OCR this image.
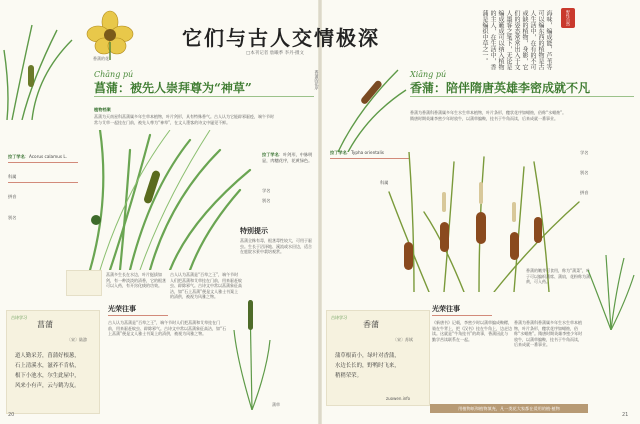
香蒲的花
它们与古人交情极深
□本刊记者 詹曦季 李丹·摄文	海味，编成能，芦苇等可以编东西的植物是古人生活中，在有的不可或缺的植物，身影，它们的姿态常常出入于文人墨客之笔下，无论是编成籁成可以纳入植物的主人，在生活中，香蒲是编织中草之一。	野性自然
Chāng pú
菖蒲：被先人崇拜尊为“神草”
植物档案
菖蒲为天南星科菖蒲属多年生草本植物，叶片剑形，具有特殊香气。古人认为它能辟邪驱疫，端午节时常与艾草一起挂在门前，被先人尊为“神草”，在文人墨客的诗文中屡见不鲜。
拉丁学名：Acorus calamus L.
科属
拼音
别名
拉丁学名：叶剑形，中脉明显，肉穗花序，花黄绿色。
学名
别名
特别提示
菖蒲全株有毒，根茎毒性较大，可用于驱虫。生长于沼泽地、溪流或水田边，适合在庭院水景中栽培观赏。
菖蒲多生长在水边，叶片挺拔如剑，有一种淡淡的清香，它的根茎可以入药，有开窍化痰的功效。
古人认为菖蒲是“百草之王”，端午节时人们把菖蒲和艾草挂在门前，用来驱赶蚊虫、辟除邪气。古诗文中常以菖蒲象征高洁，如“石上菖蒲”便是文人雅士书案上的清供，被视为风雅之物。
光荣往事
古人认为菖蒲是“百草之王”，端午节时人们把菖蒲和艾草挂在门前，用来驱赶蚊虫、辟除邪气。古诗文中常以菖蒲象征高洁，如“石上菖蒲”便是文人雅士书案上的清供，被视为风雅之物。
古诗学习
菖蒲
〔宋〕陆游
道人勤采芳，菖蒲好根葱，
石上清溪水，滋养不肯枯，
根下小池水，尔生此屋中，
风来小有声，云与鹤为友。
蒲草
20
香蒲的花序	Xiāng pú
香蒲：陪伴隋唐英雄李密成就不凡
香蒲为香蒲科香蒲属多年生水生草本植物，叶片条形，穗状花序如蜡烛，俗称“水蜡烛”。隋唐时期英雄李密少年时放牛，以蒲草编鞍，挂书于牛角而读，后来成就一番事业。
拉丁学名：Typha orientalis
科属
学名
别名
拼音
香蒲的嫩芽可食用，称为“蒲菜”，叶子可以编织蒲席、蒲扇，花粉称为蒲黄，可入药。
光荣往事
《新唐书》记载，李密少时以蒲草编成鞍鞯，骑在牛背上，把《汉书》挂在牛角上，边走边读。这就是“牛角挂书”的故事，香蒲因此与勤学苦读联系在一起。
香蒲为香蒲科香蒲属多年生水生草本植物，叶片条形，穗状花序如蜡烛，俗称“水蜡烛”。隋唐时期英雄李密少年时放牛，以蒲草编鞍，挂书于牛角而读，后来成就一番事业。
古诗学习
香蒲
〔宋〕苏轼
蒲草根苗小，绿叶对香蒲，
水边长长的，野鸭时飞来，
稍稍荣荣。
zuowen.info
用植物纸和植物填充，凡一类花大家都在爱用的植·植物
21
